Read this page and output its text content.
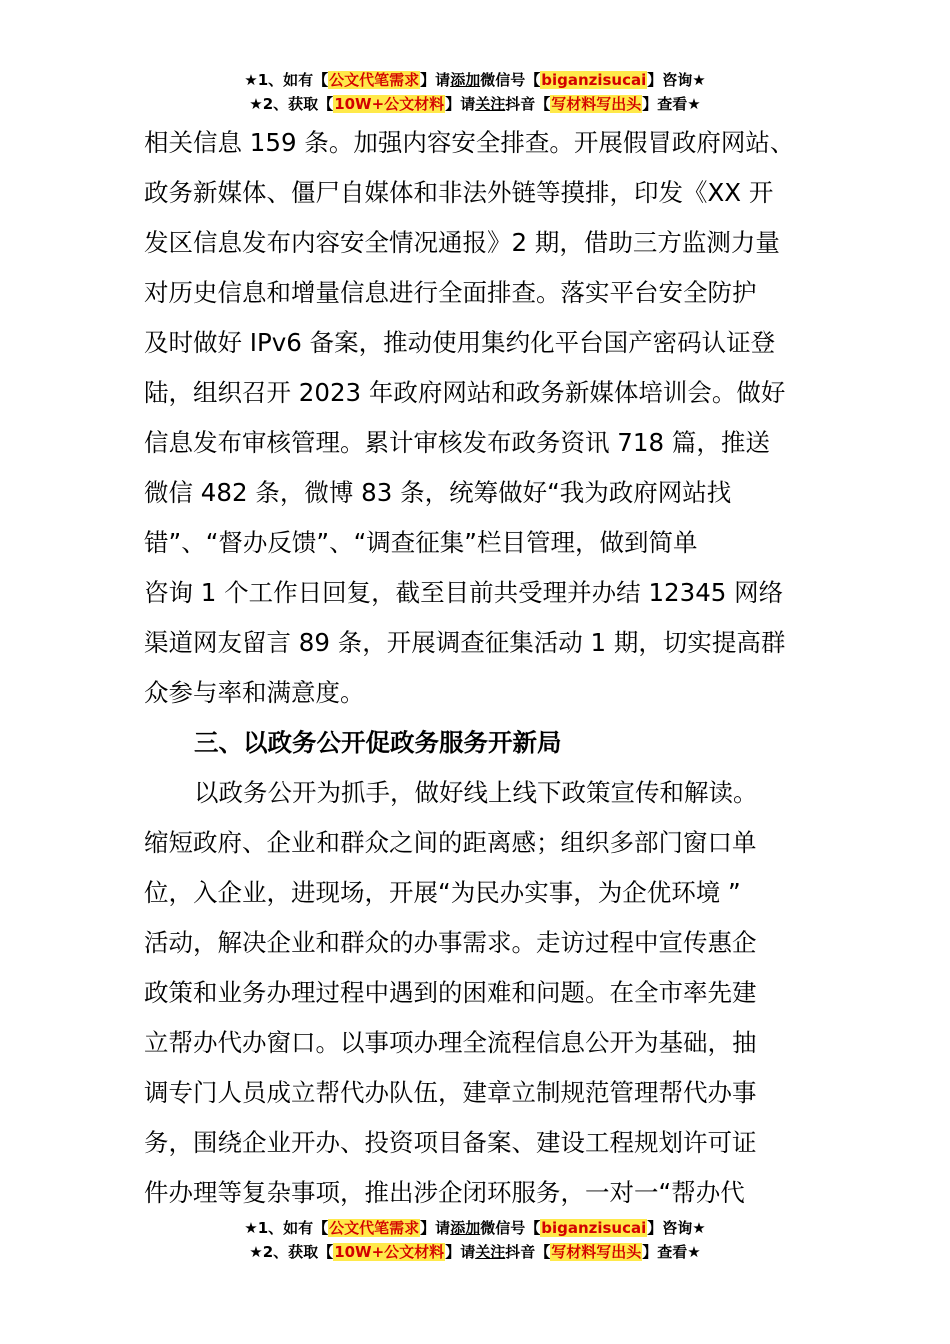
★1、如有【公文代笔需求】请添加微信号【biganzisucai】咨询★
★2、获取【10W+公文材料】请关注抖音【写材料写出头】查看★

相关信息 159 条。加强内容安全排查。开展假冒政府网站、

政务新媒体、僵尸自媒体和非法外链等摸排，印发《XX 开

发区信息发布内容安全情况通报》2 期，借助三方监测力量

对历史信息和增量信息进行全面排查。落实平台安全防护

及时做好 IPv6 备案，推动使用集约化平台国产密码认证登

陆，组织召开 2023 年政府网站和政务新媒体培训会。做好

信息发布审核管理。累计审核发布政务资讯 718 篇，推送

微信 482 条，微博 83 条，统筹做好“我为政府网站找

错”、“督办反馈”、“调查征集”栏目管理，做到简单

咨询 1 个工作日回复，截至目前共受理并办结 12345 网络

渠道网友留言 89 条，开展调查征集活动 1 期，切实提高群

众参与率和满意度。

三、以政务公开促政务服务开新局

以政务公开为抓手，做好线上线下政策宣传和解读。

缩短政府、企业和群众之间的距离感；组织多部门窗口单

位，入企业，进现场，开展“为民办实事，为企优环境 ”

活动，解决企业和群众的办事需求。走访过程中宣传惠企

政策和业务办理过程中遇到的困难和问题。在全市率先建

立帮办代办窗口。以事项办理全流程信息公开为基础，抽

调专门人员成立帮代办队伍，建章立制规范管理帮代办事

务，围绕企业开办、投资项目备案、建设工程规划许可证

件办理等复杂事项，推出涉企闭环服务，一对一“帮办代

★1、如有【公文代笔需求】请添加微信号【biganzisucai】咨询★
★2、获取【10W+公文材料】请关注抖音【写材料写出头】查看★
